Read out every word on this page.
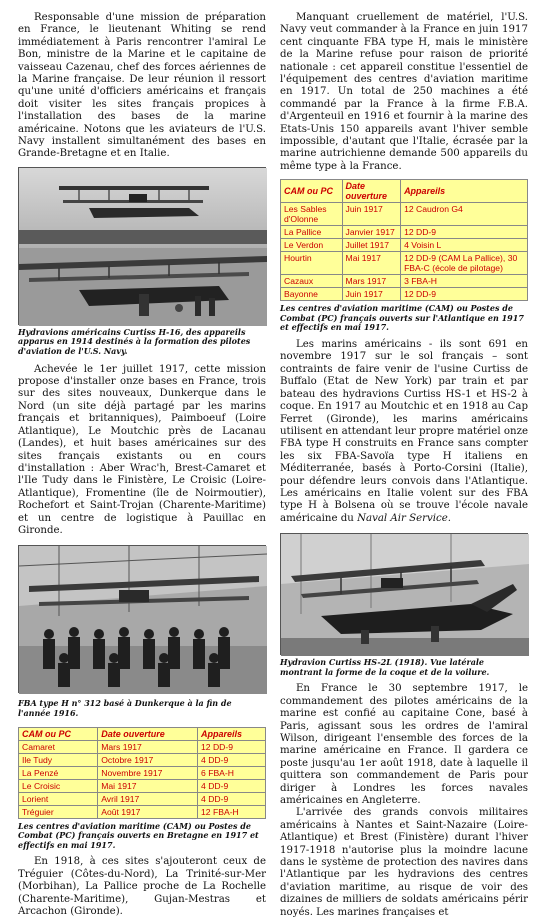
Responsable d'une mission de préparation en France, le lieutenant Whiting se rend immédiatement à Paris rencontrer l'amiral Le Bon, ministre de la Marine et le capitaine de vaisseau Cazenau, chef des forces aériennes de la Marine française. De leur réunion il ressort qu'une unité d'officiers américains et français doit visiter les sites français propices à l'installation des bases de la marine américaine. Notons que les aviateurs de l'U.S. Navy installent simultanément des bases en Grande-Bretagne et en Italie.

Hydravions américains Curtiss H-16, des appareils apparus en 1914 destinés à la formation des pilotes d'aviation de l'U.S. Navy.

Achevée le 1er juillet 1917, cette mission propose d'installer onze bases en France, trois sur des sites nouveaux, Dunkerque dans le Nord (un site déjà partagé par les marins français et britanniques), Paimboeuf (Loire Atlantique), Le Moutchic près de Lacanau (Landes), et huit bases américaines sur des sites français existants ou en cours d'installation : Aber Wrac'h, Brest-Camaret et l'Ile Tudy dans le Finistère, Le Croisic (Loire-Atlantique), Fromentine (île de Noirmoutier), Rochefort et Saint-Trojan (Charente-Maritime) et un centre de logistique à Pauillac en Gironde.

FBA type H n° 312 basé à Dunkerque à la fin de l'année 1916.

CAM ou PC	Date ouverture	Appareils
Camaret	Mars 1917	12 DD-9
Ile Tudy	Octobre 1917	4 DD-9
La Penzé	Novembre 1917	6 FBA-H
Le Croisic	Mai 1917	4 DD-9
Lorient	Avril 1917	4 DD-9
Tréguier	Août 1917	12 FBA-H

Les centres d'aviation maritime (CAM) ou Postes de Combat (PC) français ouverts en Bretagne en 1917 et effectifs en mai 1917.

En 1918, à ces sites s'ajouteront ceux de Tréguier (Côtes-du-Nord), La Trinité-sur-Mer (Morbihan), La Pallice proche de La Rochelle (Charente-Maritime), Gujan-Mestras et Arcachon (Gironde).

Manquant cruellement de matériel, l'U.S. Navy veut commander à la France en juin 1917 cent cinquante FBA type H, mais le ministère de la Marine refuse pour raison de priorité nationale : cet appareil constitue l'essentiel de l'équipement des centres d'aviation maritime en 1917. Un total de 250 machines a été commandé par la France à la firme F.B.A. d'Argenteuil en 1916 et fournir à la marine des Etats-Unis 150 appareils avant l'hiver semble impossible, d'autant que l'Italie, écrasée par la marine autrichienne demande 500 appareils du même type à la France.

CAM ou PC	Date ouverture	Appareils
Les Sables d'Olonne	Juin 1917	12 Caudron G4
La Pallice	Janvier 1917	12 DD-9
Le Verdon	Juillet 1917	4 Voisin L
Hourtin	Mai 1917	12 DD-9 (CAM La Pallice), 30 FBA-C (école de pilotage)
Cazaux	Mars 1917	3 FBA-H
Bayonne	Juin 1917	12 DD-9

Les centres d'aviation maritime (CAM) ou Postes de Combat (PC) français ouverts sur l'Atlantique en 1917 et effectifs en mai 1917.

Les marins américains - ils sont 691 en novembre 1917 sur le sol français – sont contraints de faire venir de l'usine Curtiss de Buffalo (Etat de New York) par train et par bateau des hydravions Curtiss HS-1 et HS-2 à coque. En 1917 au Moutchic et en 1918 au Cap Ferret (Gironde), les marins américains utilisent en attendant leur propre matériel onze FBA type H construits en France sans compter les six FBA-Savoïa type H italiens en Méditerranée, basés à Porto-Corsini (Italie), pour défendre leurs convois dans l'Atlantique. Les américains en Italie volent sur des FBA type H à Bolsena où se trouve l'école navale américaine du Naval Air Service.

Hydravion Curtiss HS-2L (1918). Vue latérale montrant la forme de la coque et de la voilure.

En France le 30 septembre 1917, le commandement des pilotes américains de la marine est confié au capitaine Cone, basé à Paris, agissant sous les ordres de l'amiral Wilson, dirigeant l'ensemble des forces de la marine américaine en France. Il gardera ce poste jusqu'au 1er août 1918, date à laquelle il quittera son commandement de Paris pour diriger à Londres les forces navales américaines en Angleterre.

L'arrivée des grands convois militaires américains à Nantes et Saint-Nazaire (Loire-Atlantique) et Brest (Finistère) durant l'hiver 1917-1918 n'autorise plus la moindre lacune dans le système de protection des navires dans l'Atlantique par les hydravions des centres d'aviation maritime, au risque de voir des dizaines de milliers de soldats américains périr noyés. Les marines françaises et
